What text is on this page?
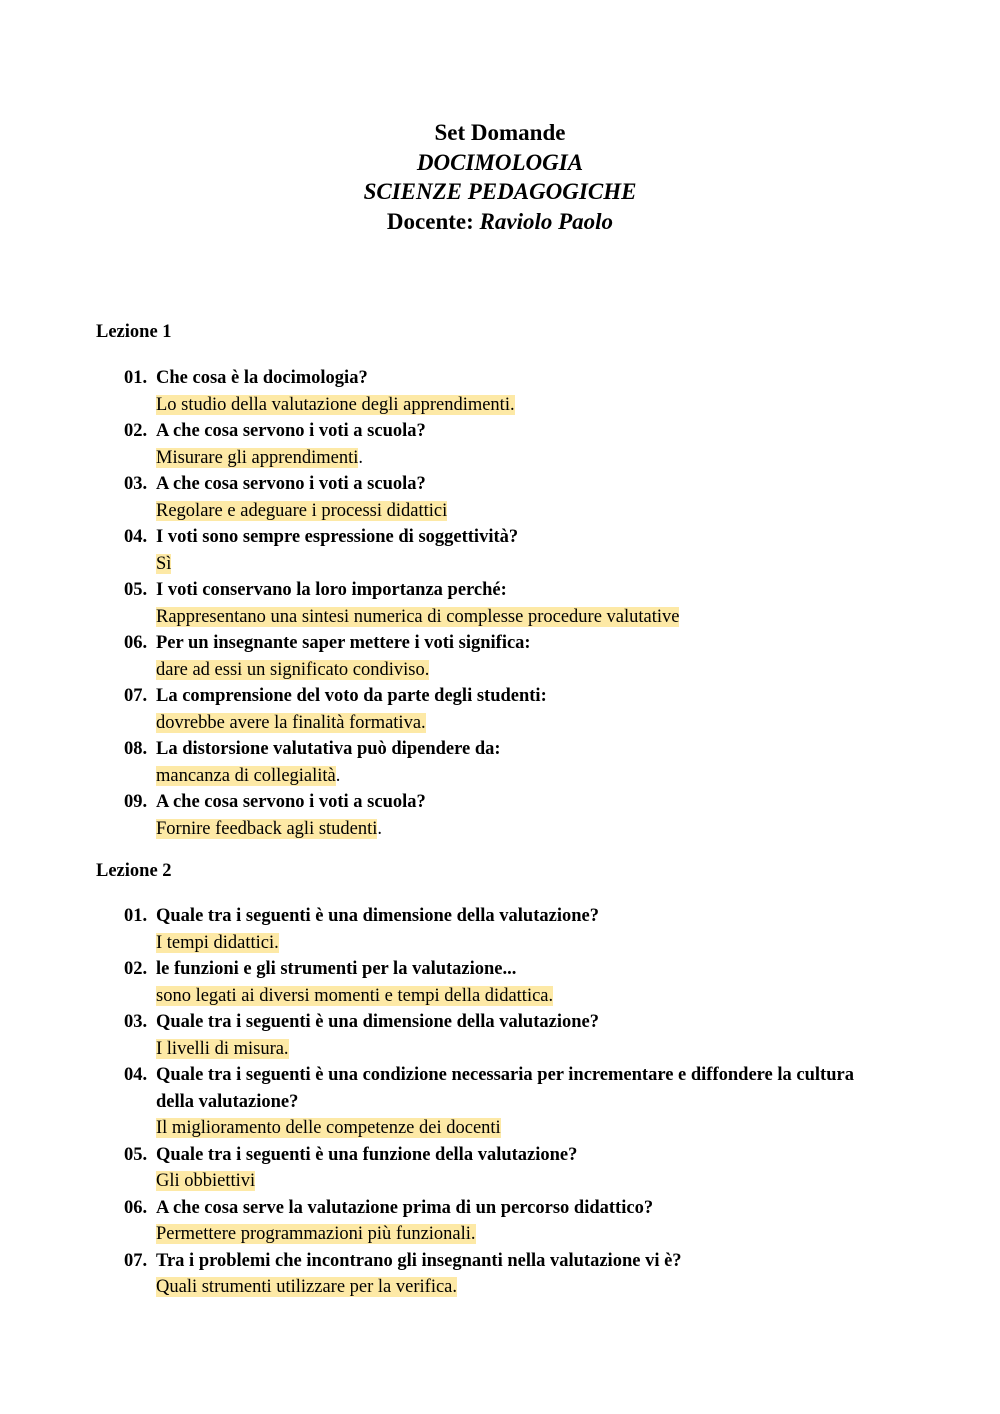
Set Domande
DOCIMOLOGIA
SCIENZE PEDAGOGICHE
Docente: Raviolo Paolo
Lezione 1
01. Che cosa è la docimologia?
Lo studio della valutazione degli apprendimenti.
02. A che cosa servono i voti a scuola?
Misurare gli apprendimenti.
03. A che cosa servono i voti a scuola?
Regolare e adeguare i processi didattici
04. I voti sono sempre espressione di soggettività?
Sì
05. I voti conservano la loro importanza perché:
Rappresentano una sintesi numerica di complesse procedure valutative
06. Per un insegnante saper mettere i voti significa:
dare ad essi un significato condiviso.
07. La comprensione del voto da parte degli studenti:
dovrebbe avere la finalità formativa.
08. La distorsione valutativa può dipendere da:
mancanza di collegialità.
09. A che cosa servono i voti a scuola?
Fornire feedback agli studenti.
Lezione 2
01. Quale tra i seguenti è una dimensione della valutazione?
I tempi didattici.
02. le funzioni e gli strumenti per la valutazione...
sono legati ai diversi momenti e tempi della didattica.
03. Quale tra i seguenti è una dimensione della valutazione?
I livelli di misura.
04. Quale tra i seguenti è una condizione necessaria per incrementare e diffondere la cultura della valutazione?
Il miglioramento delle competenze dei docenti
05. Quale tra i seguenti è una funzione della valutazione?
Gli obbiettivi
06. A che cosa serve la valutazione prima di un percorso didattico?
Permettere programmazioni più funzionali.
07. Tra i problemi che incontrano gli insegnanti nella valutazione vi è?
Quali strumenti utilizzare per la verifica.
